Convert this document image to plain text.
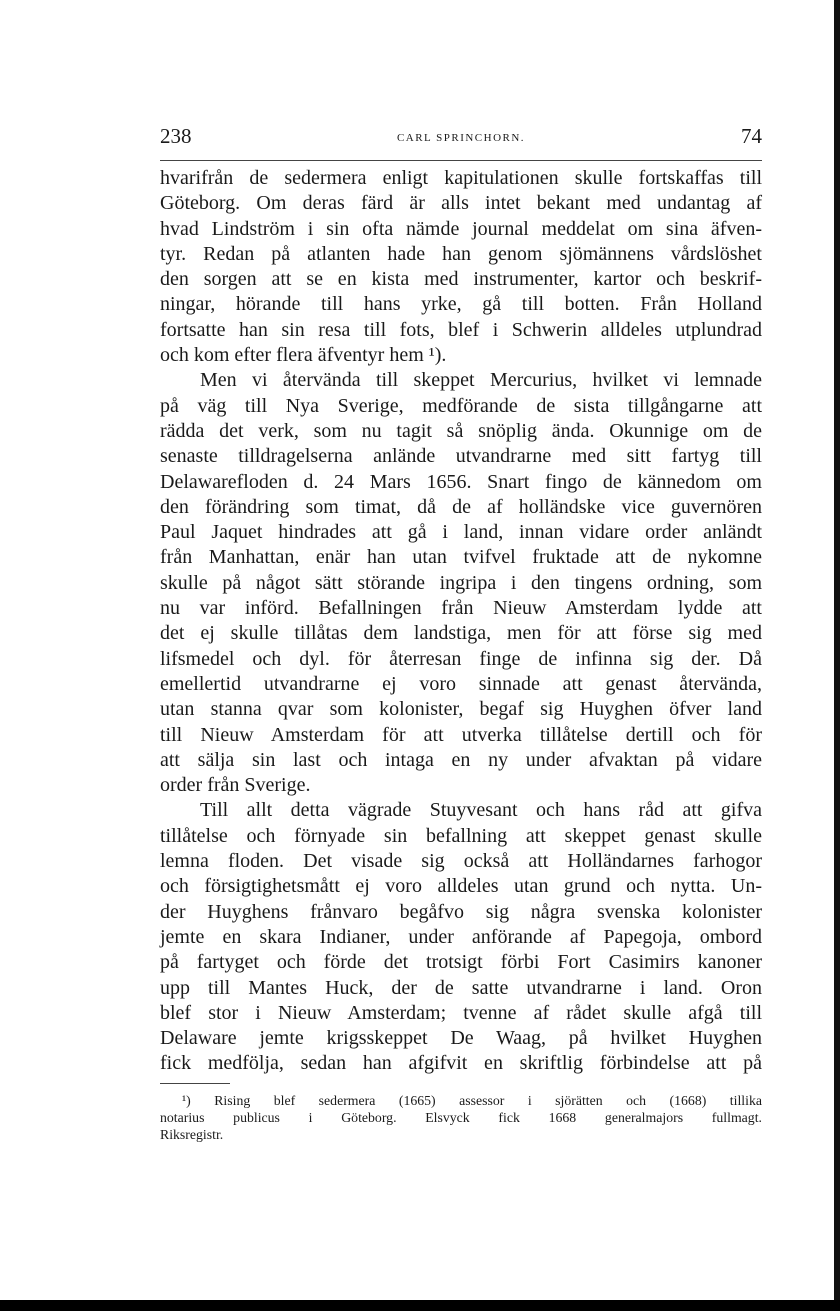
238	CARL SPRINCHORN.	74
hvarifrån de sedermera enligt kapitulationen skulle fortskaffas till
Göteborg. Om deras färd är alls intet bekant med undantag af
hvad Lindström i sin ofta nämde journal meddelat om sina äfven-
tyr. Redan på atlanten hade han genom sjömännens vårdslöshet
den sorgen att se en kista med instrumenter, kartor och beskrif-
ningar, hörande till hans yrke, gå till botten. Från Holland
fortsatte han sin resa till fots, blef i Schwerin alldeles utplundrad
och kom efter flera äfventyr hem ¹).
Men vi återvända till skeppet Mercurius, hvilket vi lemnade
på väg till Nya Sverige, medförande de sista tillgångarne att
rädda det verk, som nu tagit så snöplig ända. Okunnige om de
senaste tilldragelserna anlände utvandrarne med sitt fartyg till
Delawarefloden d. 24 Mars 1656. Snart fingo de kännedom om
den förändring som timat, då de af holländske vice guvernören
Paul Jaquet hindrades att gå i land, innan vidare order anländt
från Manhattan, enär han utan tvifvel fruktade att de nykomne
skulle på något sätt störande ingripa i den tingens ordning, som
nu var införd. Befallningen från Nieuw Amsterdam lydde att
det ej skulle tillåtas dem landstiga, men för att förse sig med
lifsmedel och dyl. för återresan finge de infinna sig der. Då
emellertid utvandrarne ej voro sinnade att genast återvända,
utan stanna qvar som kolonister, begaf sig Huyghen öfver land
till Nieuw Amsterdam för att utverka tillåtelse dertill och för
att sälja sin last och intaga en ny under afvaktan på vidare
order från Sverige.
Till allt detta vägrade Stuyvesant och hans råd att gifva
tillåtelse och förnyade sin befallning att skeppet genast skulle
lemna floden. Det visade sig också att Holländarnes farhogor
och försigtighetsmått ej voro alldeles utan grund och nytta. Un-
der Huyghens frånvaro begåfvo sig några svenska kolonister
jemte en skara Indianer, under anförande af Papegoja, ombord
på fartyget och förde det trotsigt förbi Fort Casimirs kanoner
upp till Mantes Huck, der de satte utvandrarne i land. Oron
blef stor i Nieuw Amsterdam; tvenne af rådet skulle afgå till
Delaware jemte krigsskeppet De Waag, på hvilket Huyghen
fick medfölja, sedan han afgifvit en skriftlig förbindelse att på
¹) Rising blef sedermera (1665) assessor i sjörätten och (1668) tillika
notarius publicus i Göteborg. Elsvyck fick 1668 generalmajors fullmagt.
Riksregistr.
